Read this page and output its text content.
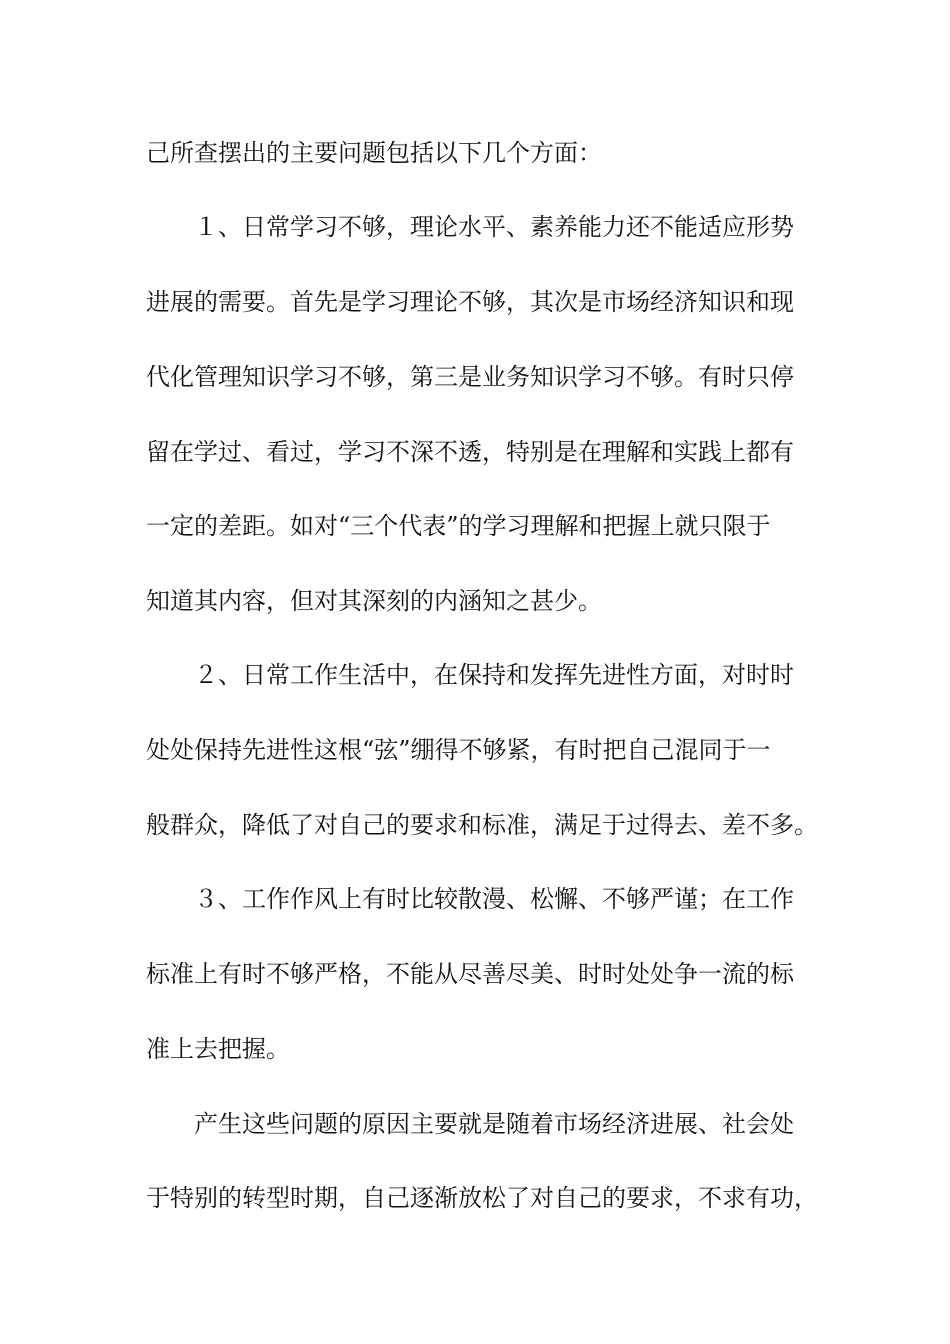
己所查摆出的主要问题包括以下几个方面：
１、日常学习不够，理论水平、素养能力还不能适应形势
进展的需要。首先是学习理论不够，其次是市场经济知识和现
代化管理知识学习不够，第三是业务知识学习不够。有时只停
留在学过、看过，学习不深不透，特别是在理解和实践上都有
一定的差距。如对“三个代表”的学习理解和把握上就只限于
知道其内容，但对其深刻的内涵知之甚少。
２、日常工作生活中，在保持和发挥先进性方面，对时时
处处保持先进性这根“弦”绷得不够紧，有时把自己混同于一
般群众，降低了对自己的要求和标准，满足于过得去、差不多。
３、工作作风上有时比较散漫、松懈、不够严谨；在工作
标准上有时不够严格，不能从尽善尽美、时时处处争一流的标
准上去把握。
产生这些问题的原因主要就是随着市场经济进展、社会处
于特别的转型时期，自己逐渐放松了对自己的要求，不求有功，
